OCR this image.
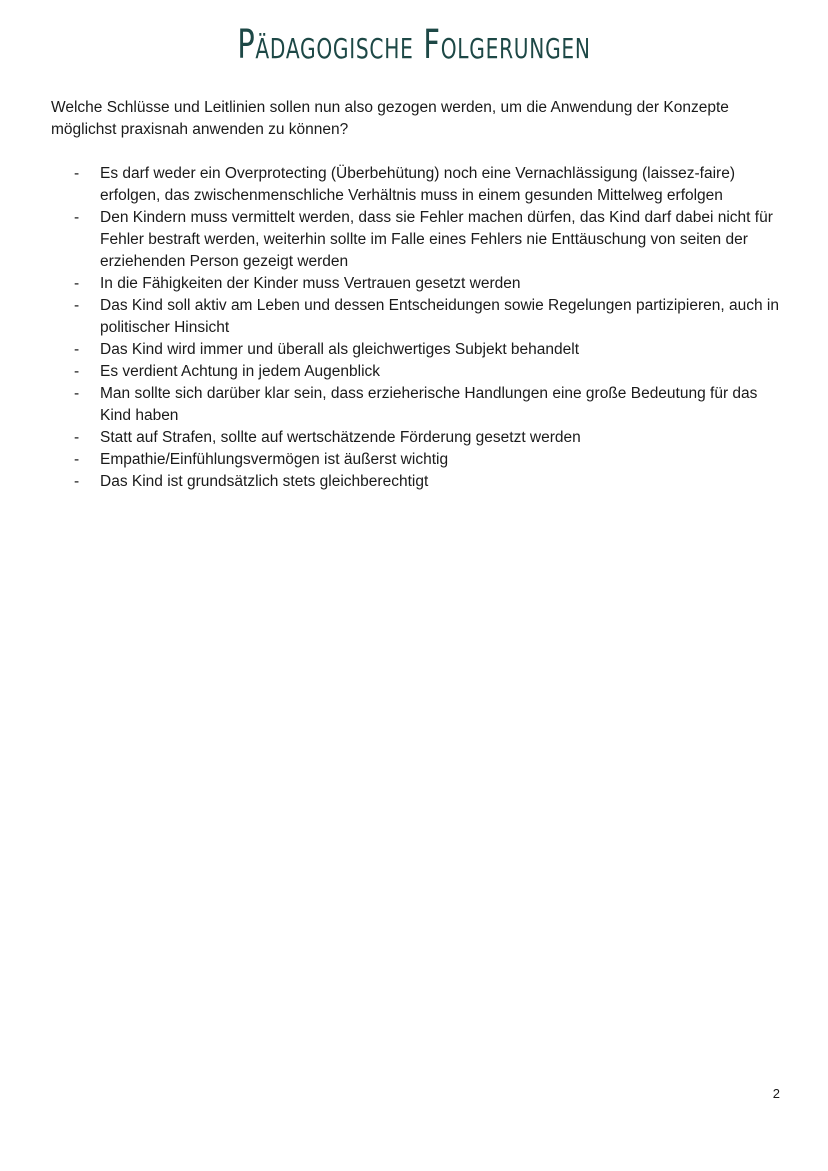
Pädagogische Folgerungen

Welche Schlüsse und Leitlinien sollen nun also gezogen werden, um die Anwendung der Konzepte möglichst praxisnah anwenden zu können?

- Es darf weder ein Overprotecting (Überbehütung) noch eine Vernachlässigung (laissez-faire) erfolgen, das zwischenmenschliche Verhältnis muss in einem gesunden Mittelweg erfolgen
- Den Kindern muss vermittelt werden, dass sie Fehler machen dürfen, das Kind darf dabei nicht für Fehler bestraft werden, weiterhin sollte im Falle eines Fehlers nie Enttäuschung von seiten der erziehenden Person gezeigt werden
- In die Fähigkeiten der Kinder muss Vertrauen gesetzt werden
- Das Kind soll aktiv am Leben und dessen Entscheidungen sowie Regelungen partizipieren, auch in politischer Hinsicht
- Das Kind wird immer und überall als gleichwertiges Subjekt behandelt
- Es verdient Achtung in jedem Augenblick
- Man sollte sich darüber klar sein, dass erzieherische Handlungen eine große Bedeutung für das Kind haben
- Statt auf Strafen, sollte auf wertschätzende Förderung gesetzt werden
- Empathie/Einfühlungsvermögen ist äußerst wichtig
- Das Kind ist grundsätzlich stets gleichberechtigt
2
